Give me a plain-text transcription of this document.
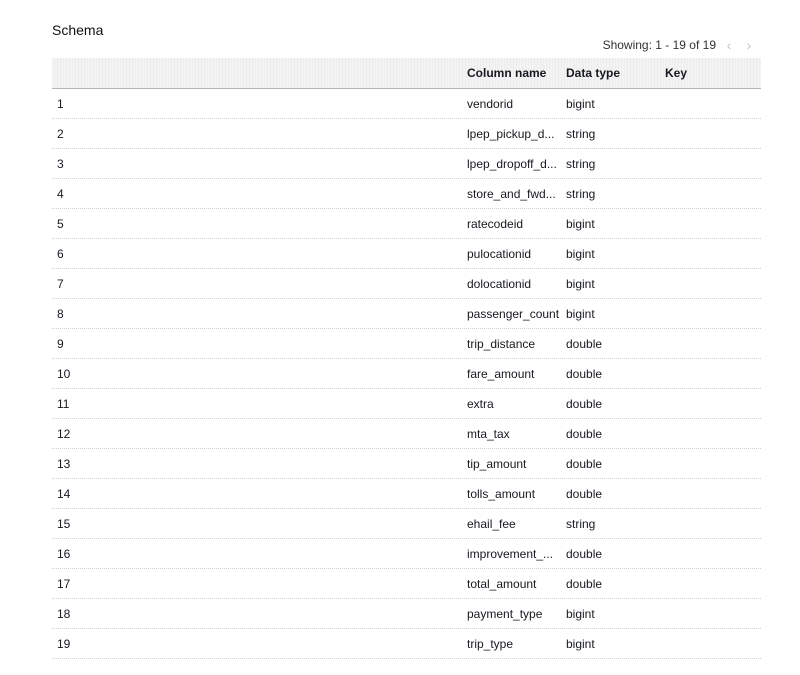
Schema
Showing: 1 - 19 of 19 ‹	›
Column name	Data type	Key
1	vendorid	bigint
2	lpep_pickup_d... string
3	lpep_dropoff_d... string
4	store_and_fwd... string
5	ratecodeid	bigint
6	pulocationid	bigint
7	dolocationid	bigint
8	passenger_count bigint
9	trip_distance	double
10	fare_amount	double
11	extra	double
12	mta_tax	double
13	tip_amount	double
14	tolls_amount	double
15	ehail_fee	string
16	improvement_...	double
17	total_amount	double
18	payment_type	bigint
19	trip_type	bigint
